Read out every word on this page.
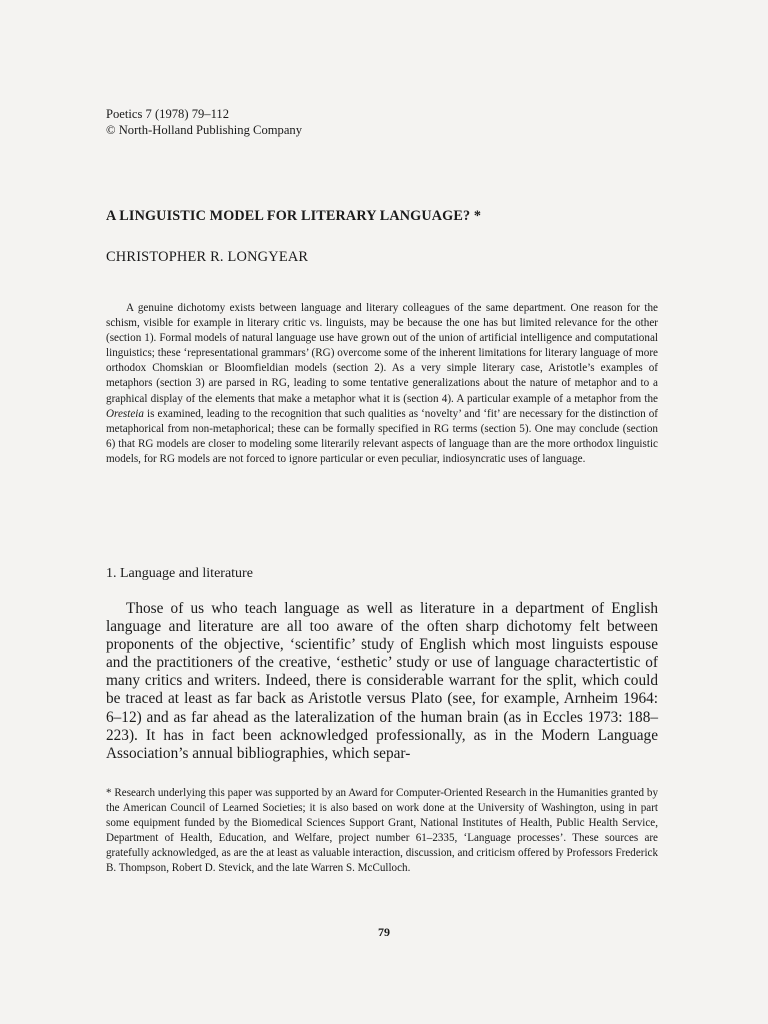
Poetics 7 (1978) 79–112
© North-Holland Publishing Company
A LINGUISTIC MODEL FOR LITERARY LANGUAGE? *
CHRISTOPHER R. LONGYEAR

A genuine dichotomy exists between language and literary colleagues of the same department. One reason for the schism, visible for example in literary critic vs. linguists, may be because the one has but limited relevance for the other (section 1). Formal models of natural language use have grown out of the union of artificial intelligence and computational linguistics; these ‘representational grammars’ (RG) overcome some of the inherent limitations for literary language of more orthodox Chomskian or Bloomfieldian models (section 2). As a very simple literary case, Aristotle’s examples of metaphors (section 3) are parsed in RG, leading to some tentative generalizations about the nature of metaphor and to a graphical display of the elements that make a metaphor what it is (section 4). A particular example of a metaphor from the Oresteia is examined, leading to the recognition that such qualities as ‘novelty’ and ‘fit’ are necessary for the distinction of metaphorical from non-metaphorical; these can be formally specified in RG terms (section 5). One may conclude (section 6) that RG models are closer to modeling some literarily relevant aspects of language than are the more orthodox linguistic models, for RG models are not forced to ignore particular or even peculiar, indiosyncratic uses of language.

1. Language and literature

Those of us who teach language as well as literature in a department of English language and literature are all too aware of the often sharp dichotomy felt between proponents of the objective, ‘scientific’ study of English which most linguists espouse and the practitioners of the creative, ‘esthetic’ study or use of language charactertistic of many critics and writers. Indeed, there is considerable warrant for the split, which could be traced at least as far back as Aristotle versus Plato (see, for example, Arnheim 1964: 6–12) and as far ahead as the lateralization of the human brain (as in Eccles 1973: 188–223). It has in fact been acknowledged professionally, as in the Modern Language Association’s annual bibliographies, which separ-

* Research underlying this paper was supported by an Award for Computer-Oriented Research in the Humanities granted by the American Council of Learned Societies; it is also based on work done at the University of Washington, using in part some equipment funded by the Biomedical Sciences Support Grant, National Institutes of Health, Public Health Service, Department of Health, Education, and Welfare, project number 61–2335, ‘Language processes’. These sources are gratefully acknowledged, as are the at least as valuable interaction, discussion, and criticism offered by Professors Frederick B. Thompson, Robert D. Stevick, and the late Warren S. McCulloch.

79
